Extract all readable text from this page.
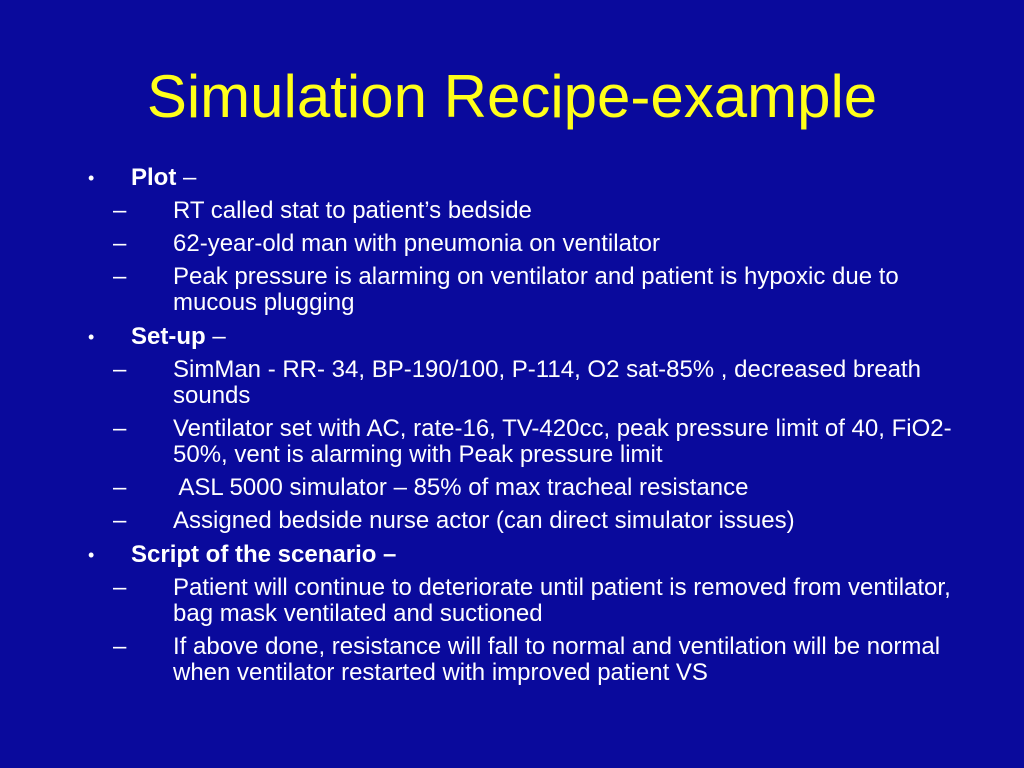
Simulation Recipe-example
• Plot –
– RT called stat to patient’s bedside
– 62-year-old man with pneumonia on ventilator
– Peak pressure is alarming on ventilator and patient is hypoxic due to mucous plugging
• Set-up –
– SimMan - RR- 34, BP-190/100, P-114, O2 sat-85% , decreased breath sounds
– Ventilator set with AC, rate-16, TV-420cc, peak pressure limit of 40, FiO2-50%, vent is alarming with Peak pressure limit
– ASL 5000 simulator – 85% of max tracheal resistance
– Assigned bedside nurse actor (can direct simulator issues)
• Script of the scenario –
– Patient will continue to deteriorate until patient is removed from ventilator, bag mask ventilated and suctioned
– If above done, resistance will fall to normal and ventilation will be normal when ventilator restarted with improved patient VS
